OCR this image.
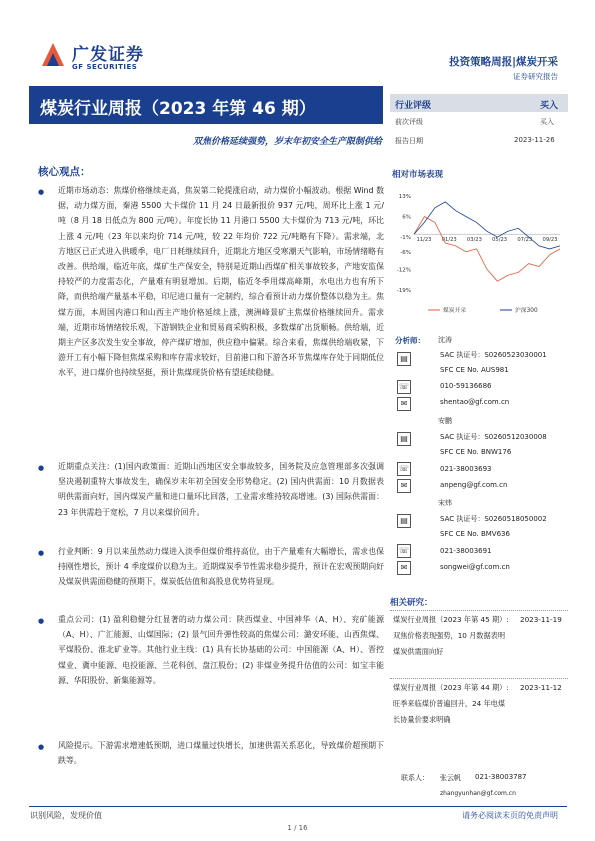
广发证券
GF SECURITIES	投资策略周报|煤炭开采
证券研究报告
煤炭行业周报（2023 年第 46 期）
双焦价格延续强势，岁末年初安全生产限制供给
行业评级	买入
前次评级	买入
报告日期	2023-11-26
核心观点：
● 近期市场动态：焦煤价格继续走高，焦炭第二轮提涨启动，动力煤价小幅波动。根据 Wind 数据，动力煤方面，秦港 5500 大卡煤价 11 月 24 日最新报价 937 元/吨，周环比上涨 1 元/吨（8 月 18 日低点为 800 元/吨）。年度长协 11 月港口 5500 大卡煤价为 713 元/吨，环比上涨 4 元/吨（23 年以来均价 714 元/吨，较 22 年均价 722 元/吨略有下降）。需求端，北方地区已正式进入供暖季，电厂日耗继续回升，近期北方地区受寒潮天气影响，市场情绪略有改善。供给端，临近年底，煤矿生产保安全，特别是近期山西煤矿相关事故较多，产地安监保持较严的力度需态化，产量难有明显增加。后期，临近冬季用煤高峰期，水电出力也有所下降，而供给端产量基本平稳，印尼进口量有一定制约，综合看预计动力煤价整体以稳为主。焦煤方面，本周国内港口和山西主产地价格延续上涨，澳洲峰景矿主焦煤价格继续回升。需求端，近期市场情绪较乐观，下游钢铁企业和贸易商采购积极，多数煤矿出货顺畅。供给端，近期主产区多次发生安全事故，停产煤矿增加，供应稳中偏紧。综合来看，焦煤供给端收紧，下游开工有小幅下降但焦煤采购和库存需求较好，目前港口和下游各环节焦煤库存处于同期低位水平，进口煤价也持续坚挺，预计焦煤现货价格有望延续稳健。
● 近期重点关注：(1)国内政策面：近期山西地区安全事故较多，国务院及应急管理部多次强调坚决遏制重特大事故发生，确保岁末年初全国安全形势稳定。(2) 国内供需面：10 月数据表明供需面向好，国内煤炭产量和进口量环比回落，工业需求维持较高增速。(3) 国际供需面：23 年供需趋于宽松，7 月以来煤价回升。
● 行业判断：9 月以来虽然动力煤进入淡季但煤价维持高位，由于产量难有大幅增长，需求也保持刚性增长，预计 4 季度煤价以稳为主。近期煤炭季节性需求稳步提升，预计在宏观预期向好及煤炭供需面稳健的预期下，煤炭低估值和高股息优势将显现。
● 重点公司：(1) 盈利稳健分红显著的动力煤公司：陕西煤业、中国神华（A、H）、兖矿能源（A、H）、广汇能源、山煤国际；(2) 景气回升弹性较高的焦煤公司：潞安环能、山西焦煤、平煤股份、淮北矿业等。其他行业主线：(1) 具有长协基础的公司：中国能源（A、H）、晋控煤业、冀中能源、电投能源、兰花科创、盘江股份；(2) 非煤业务提升估值的公司：如宝丰能源、华阳股份、新集能源等。
● 风险提示。下游需求增速低预期，进口煤量过快增长，加速供需关系恶化，导致煤价超预期下跌等。
相对市场表现
13%
6%
-1%
-6%
-12%
-19%
11/23 01/23 03/23 05/23 07/23 09/23
煤炭开采	沪深300
分析师： 沈涛
▤	SAC 执证号：S0260523030001
SFC CE No. AUS981
☏	010-59136686
✉	shentao@gf.com.cn
安鹏
▤	SAC 执证号：S0260512030008
SFC CE No. BNW176
☏	021-38003693
✉	anpeng@gf.com.cn
宋炜
▤	SAC 执证号：S0260518050002
SFC CE No. BMV636
☏	021-38003691
✉	songwei@gf.com.cn
相关研究：
煤炭行业周报（2023 年第 45 期）:双焦价格表现强势，10 月数据表明煤炭供需面向好
2023-11-19
煤炭行业周报（2023 年第 44 期）:旺季来临煤价普遍回升，24 年电煤长协量价要求明确
2023-11-12
联系人： 张云帆 021-38003787
zhangyunhan@gf.com.cn
识别风险，发现价值	请务必阅读末页的免责声明
1 / 16
